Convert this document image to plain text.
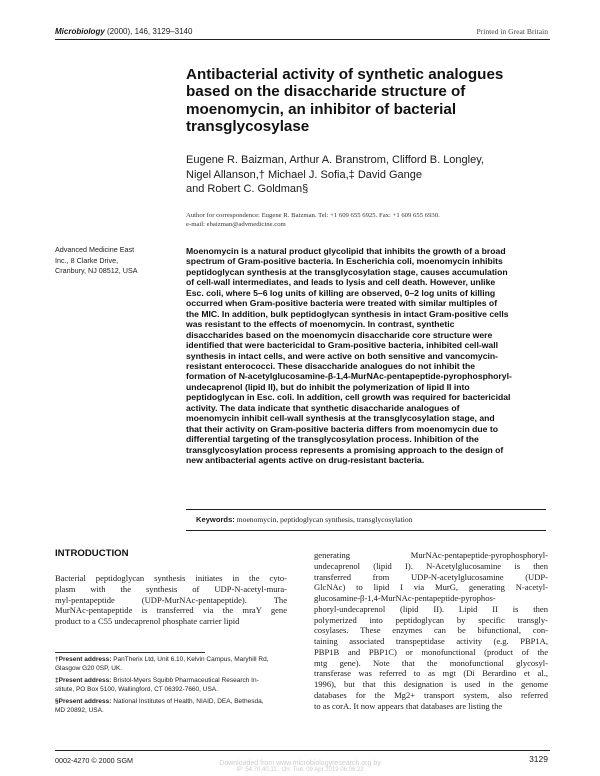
Microbiology (2000), 146, 3129–3140	Printed in Great Britain
Antibacterial activity of synthetic analogues based on the disaccharide structure of moenomycin, an inhibitor of bacterial transglycosylase
Eugene R. Baizman, Arthur A. Branstrom, Clifford B. Longley,
Nigel Allanson,† Michael J. Sofia,‡ David Gange
and Robert C. Goldman§
Author for correspondence: Eugene R. Baizman. Tel: +1 609 655 6925. Fax: +1 609 655 6930.
e-mail: ebaizman@advmedicine.com
Advanced Medicine East
Inc., 8 Clarke Drive,
Cranbury, NJ 08512, USA
Moenomycin is a natural product glycolipid that inhibits the growth of a broad
spectrum of Gram-positive bacteria. In Escherichia coli, moenomycin inhibits
peptidoglycan synthesis at the transglycosylation stage, causes accumulation
of cell-wall intermediates, and leads to lysis and cell death. However, unlike
Esc. coli, where 5–6 log units of killing are observed, 0–2 log units of killing
occurred when Gram-positive bacteria were treated with similar multiples of
the MIC. In addition, bulk peptidoglycan synthesis in intact Gram-positive cells
was resistant to the effects of moenomycin. In contrast, synthetic
disaccharides based on the moenomycin disaccharide core structure were
identified that were bactericidal to Gram-positive bacteria, inhibited cell-wall
synthesis in intact cells, and were active on both sensitive and vancomycin-
resistant enterococci. These disaccharide analogues do not inhibit the
formation of N-acetylglucosamine-β-1,4-MurNAc-pentapeptide-pyrophosphoryl-
undecaprenol (lipid II), but do inhibit the polymerization of lipid II into
peptidoglycan in Esc. coli. In addition, cell growth was required for bactericidal
activity. The data indicate that synthetic disaccharide analogues of
moenomycin inhibit cell-wall synthesis at the transglycosylation stage, and
that their activity on Gram-positive bacteria differs from moenomycin due to
differential targeting of the transglycosylation process. Inhibition of the
transglycosylation process represents a promising approach to the design of
new antibacterial agents active on drug-resistant bacteria.
Keywords: moenomycin, peptidoglycan synthesis, transglycosylation
INTRODUCTION
Bacterial peptidoglycan synthesis initiates in the cyto-
plasm with the synthesis of UDP-N-acetyl-mura-
myl-pentapeptide (UDP-MurNAc-pentapeptide). The
MurNAc-pentapeptide is transferred via the mraY gene
product to a C55 undecaprenol phosphate carrier lipid
generating MurNAc-pentapeptide-pyrophosphoryl-
undecaprenol (lipid I). N-Acetylglucosamine is then
transferred from UDP-N-acetylglucosamine (UDP-
GlcNAc) to lipid I via MurG, generating N-acetyl-
glucosamine-β-1,4-MurNAc-pentapeptide-pyrophos-
phoryl-undecaprenol (lipid II). Lipid II is then
polymerized into peptidoglycan by specific transgly-
cosylases. These enzymes can be bifunctional, con-
taining associated transpeptidase activity (e.g. PBP1A,
PBP1B and PBP1C) or monofunctional (product of the
mtg gene). Note that the monofunctional glycosyl-
transferase was referred to as mgt (Di Berardino et al.,
1996), but that this designation is used in the genome
databases for the Mg2+ transport system, also referred
to as corA. It now appears that databases are listing the
†Present address: PanTherix Ltd, Unit 6.10, Kelvin Campus, Maryhill Rd,
Glasgow G20 0SP, UK.
‡Present address: Bristol-Myers Squibb Pharmaceutical Research In-
stitute, PO Box 5100, Wallingford, CT 06392-7660, USA.
§Present address: National Institutes of Health, NIAID, DEA, Bethesda,
MD 20892, USA.
0002-4270 © 2000 SGM	3129
Downloaded from www.microbiologyresearch.org by
IP: 54.70.40.11 On: Tue, 09 Apr 2019 06:06:22
